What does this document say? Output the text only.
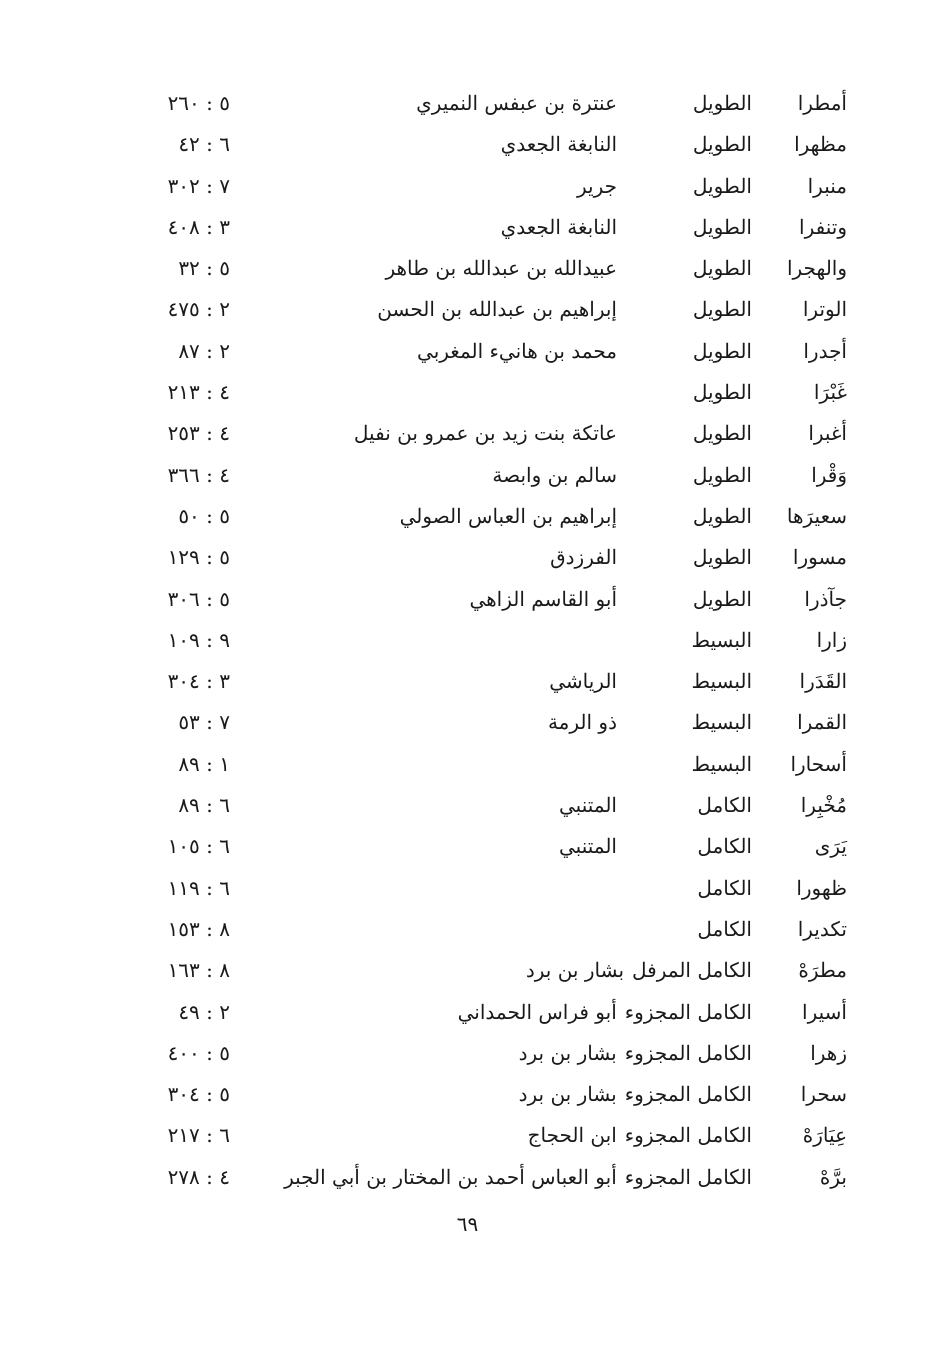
أمطرا
الطويل
عنترة بن عبفس النميري
٥ : ٢٦٠
مظهرا
الطويل
النابغة الجعدي
٦ : ٤٢
منبرا
الطويل
جرير
٧ : ٣٠٢
وتنفرا
الطويل
النابغة الجعدي
٣ : ٤٠٨
والهجرا
الطويل
عبيدالله بن عبدالله بن طاهر
٥ : ٣٢
الوترا
الطويل
إبراهيم بن عبدالله بن الحسن
٢ : ٤٧٥
أجدرا
الطويل
محمد بن هانيء المغربي
٢ : ٨٧
غَبْرَا
الطويل
٤ : ٢١٣
أغبرا
الطويل
عاتكة بنت زيد بن عمرو بن نفيل
٤ : ٢٥٣
وَقْرا
الطويل
سالم بن وابصة
٤ : ٣٦٦
سعيرَها
الطويل
إبراهيم بن العباس الصولي
٥ : ٥٠
مسورا
الطويل
الفرزدق
٥ : ١٢٩
جآذرا
الطويل
أبو القاسم الزاهي
٥ : ٣٠٦
زارا
البسيط
٩ : ١٠٩
القَدَرا
البسيط
الرياشي
٣ : ٣٠٤
القمرا
البسيط
ذو الرمة
٧ : ٥٣
أسحارا
البسيط
١ : ٨٩
مُخْبِرا
الكامل
المتنبي
٦ : ٨٩
يَرَى
الكامل
المتنبي
٦ : ١٠٥
ظهورا
الكامل
٦ : ١١٩
تكديرا
الكامل
٨ : ١٥٣
مطرَهْ
الكامل المرفل
بشار بن برد
٨ : ١٦٣
أسيرا
الكامل المجزوء
أبو فراس الحمداني
٢ : ٤٩
زهرا
الكامل المجزوء
بشار بن برد
٥ : ٤٠٠
سحرا
الكامل المجزوء
بشار بن برد
٥ : ٣٠٤
عِيَارَهْ
الكامل المجزوء
ابن الحجاج
٦ : ٢١٧
برَّهْ
الكامل المجزوء
أبو العباس أحمد بن المختار بن أبي الجبر
٤ : ٢٧٨
٦٩
